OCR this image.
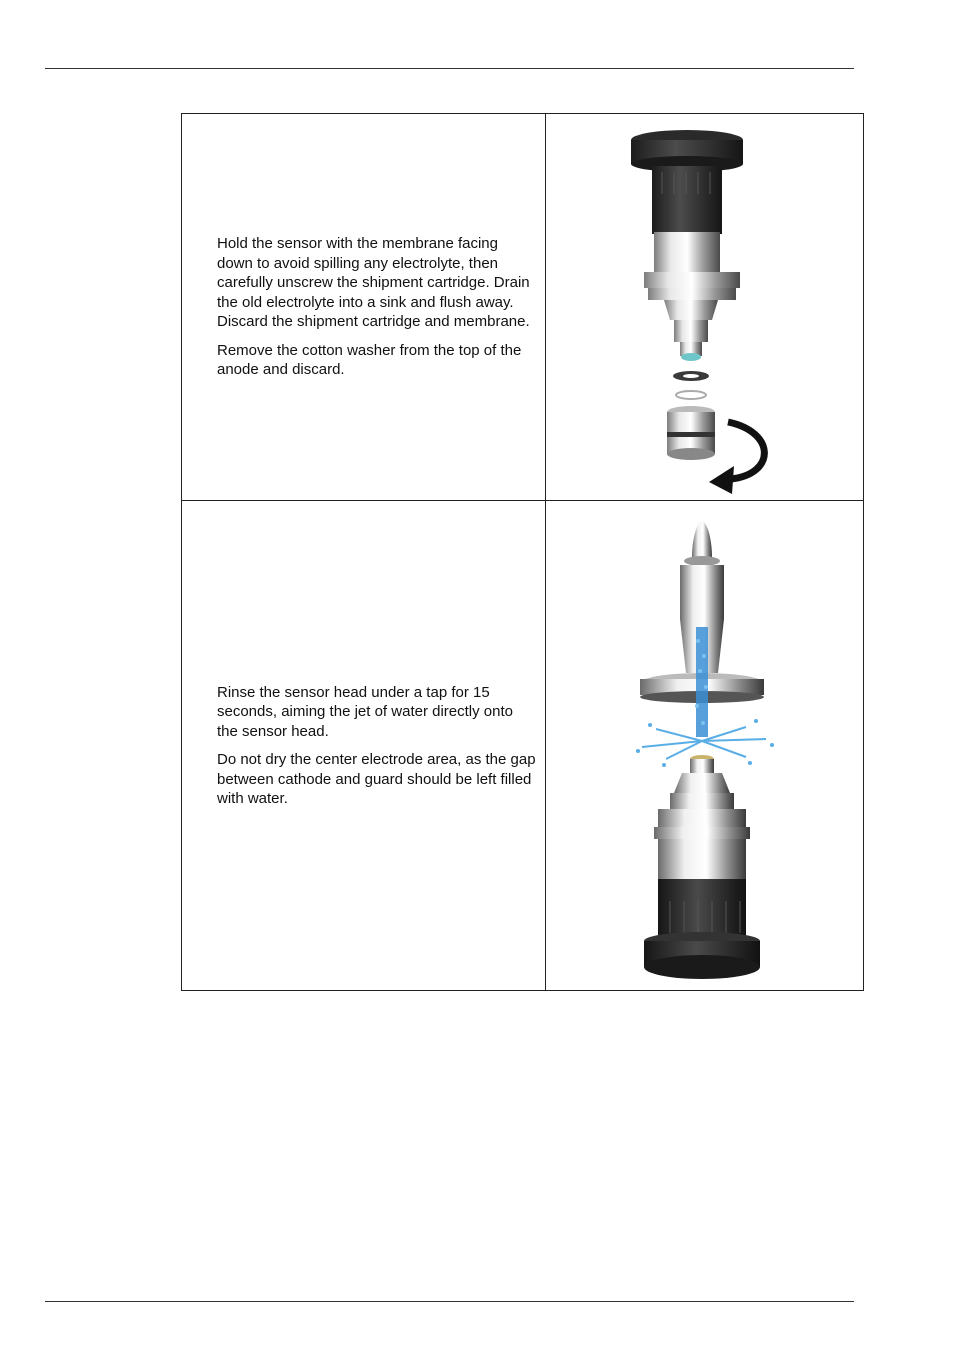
Hold the sensor with the membrane facing down to avoid spilling any electrolyte, then carefully unscrew the shipment cartridge. Drain the old electrolyte into a sink and flush away. Discard the shipment cartridge and membrane.

Remove the cotton washer from the top of the anode and discard.

Rinse the sensor head under a tap for 15 seconds, aiming the jet of water directly onto the sensor head.

Do not dry the center electrode area, as the gap between cathode and guard should be left filled with water.
